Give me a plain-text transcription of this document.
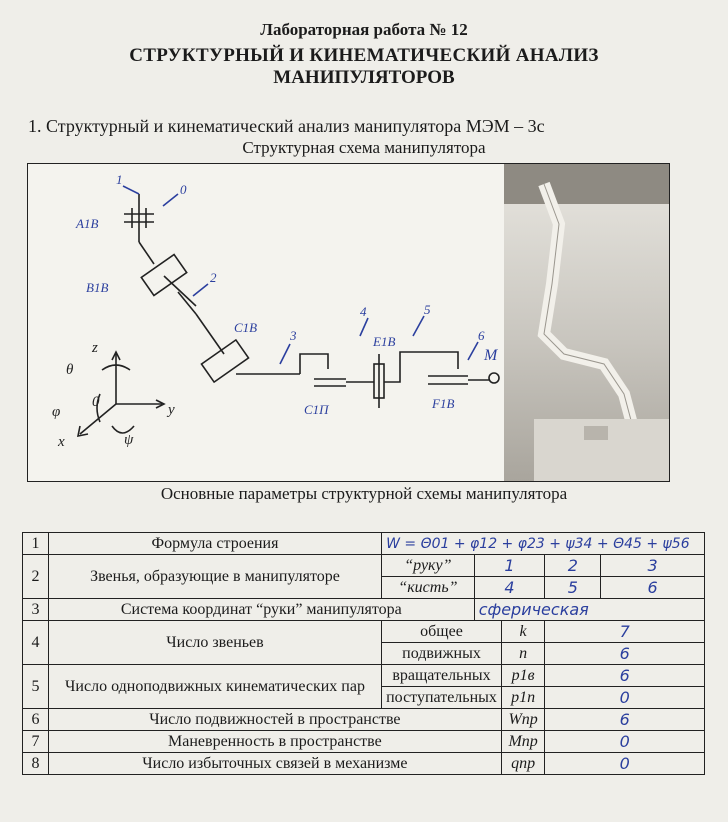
Лабораторная работа № 12
СТРУКТУРНЫЙ И КИНЕМАТИЧЕСКИЙ АНАЛИЗ
МАНИПУЛЯТОРОВ
1. Структурный и кинематический анализ манипулятора МЭМ – 3с
Структурная схема манипулятора
1
0
2
3
4	5
6
A1B
B1B
C1B
C1П
E1B
F1B
M
z
y
x
θ
φ
ψ
0
Основные параметры структурной схемы манипулятора
1	Формула строения	W = Θ01 + φ12 + φ23 + ψ34 + Θ45 + ψ56				
2	Звенья, образующие в манипуляторе	“руку”	1		2	3
		“кисть”	4		5	6
3	Система координат “руки” манипулятора		сферическая			
4	Число звеньев	общее		k	7	
		подвижных		n	6	
5	Число одноподвижных кинематических пар	вращательных		p1в	6	
		поступательных		p1п	0	
6	Число подвижностей в пространстве			Wпр	6	
7	Маневренность в пространстве			Mпр	0	
8	Число избыточных связей в механизме			qпр	0	
